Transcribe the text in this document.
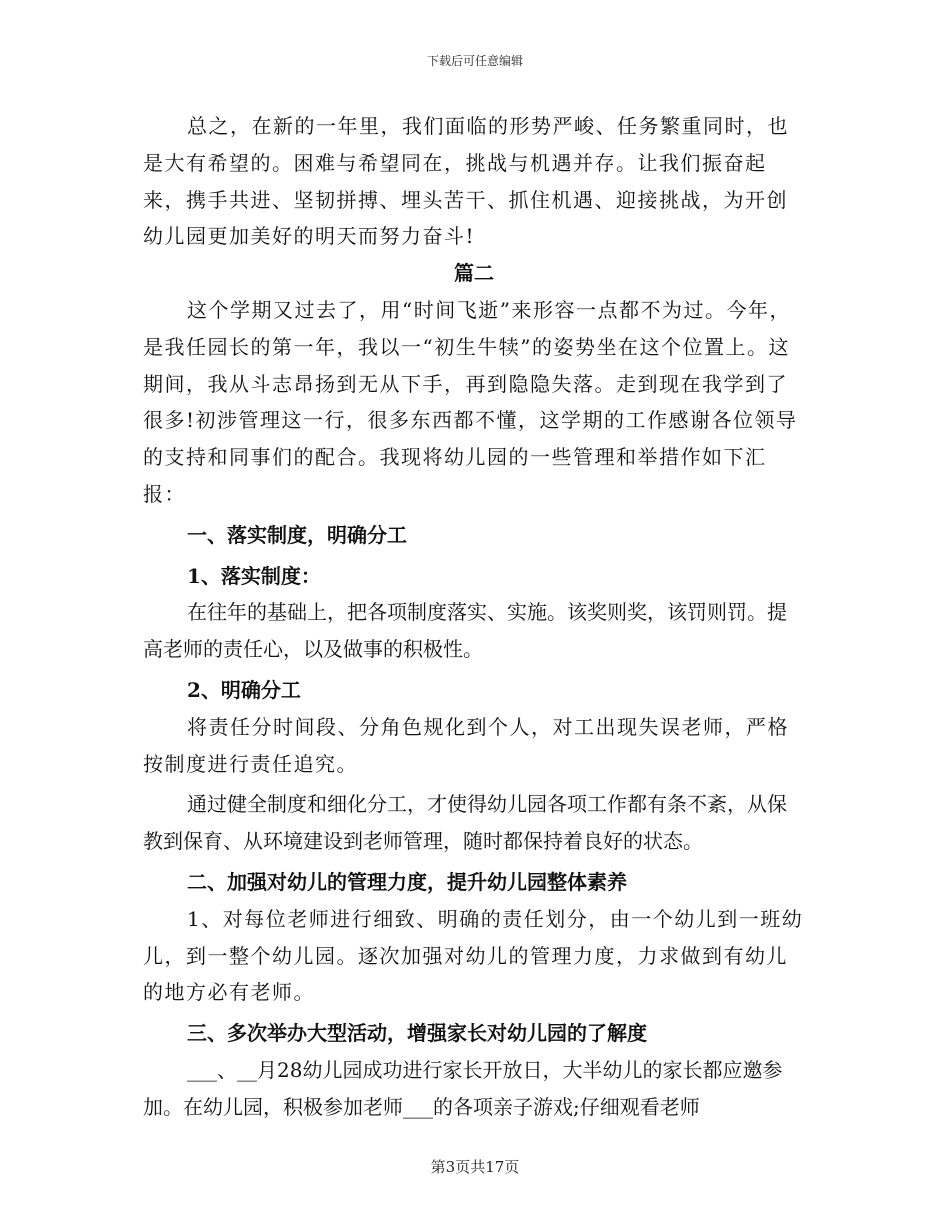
下载后可任意编辑

总之，在新的一年里，我们面临的形势严峻、任务繁重同时，也是大有希望的。困难与希望同在，挑战与机遇并存。让我们振奋起来，携手共进、坚韧拼搏、埋头苦干、抓住机遇、迎接挑战，为开创幼儿园更加美好的明天而努力奋斗!

篇二

这个学期又过去了，用“时间飞逝”来形容一点都不为过。今年，是我任园长的第一年，我以一“初生牛犊”的姿势坐在这个位置上。这期间，我从斗志昂扬到无从下手，再到隐隐失落。走到现在我学到了很多!初涉管理这一行，很多东西都不懂，这学期的工作感谢各位领导的支持和同事们的配合。我现将幼儿园的一些管理和举措作如下汇报：

一、落实制度，明确分工

1、落实制度：

在往年的基础上，把各项制度落实、实施。该奖则奖，该罚则罚。提高老师的责任心，以及做事的积极性。

2、明确分工

将责任分时间段、分角色规化到个人，对工出现失误老师，严格按制度进行责任追究。

通过健全制度和细化分工，才使得幼儿园各项工作都有条不紊，从保教到保育、从环境建设到老师管理，随时都保持着良好的状态。

二、加强对幼儿的管理力度，提升幼儿园整体素养

1、对每位老师进行细致、明确的责任划分，由一个幼儿到一班幼儿，到一整个幼儿园。逐次加强对幼儿的管理力度，力求做到有幼儿的地方必有老师。

三、多次举办大型活动，增强家长对幼儿园的了解度

___、__月28幼儿园成功进行家长开放日，大半幼儿的家长都应邀参加。在幼儿园，积极参加老师___的各项亲子游戏;仔细观看老师

第3页共17页
